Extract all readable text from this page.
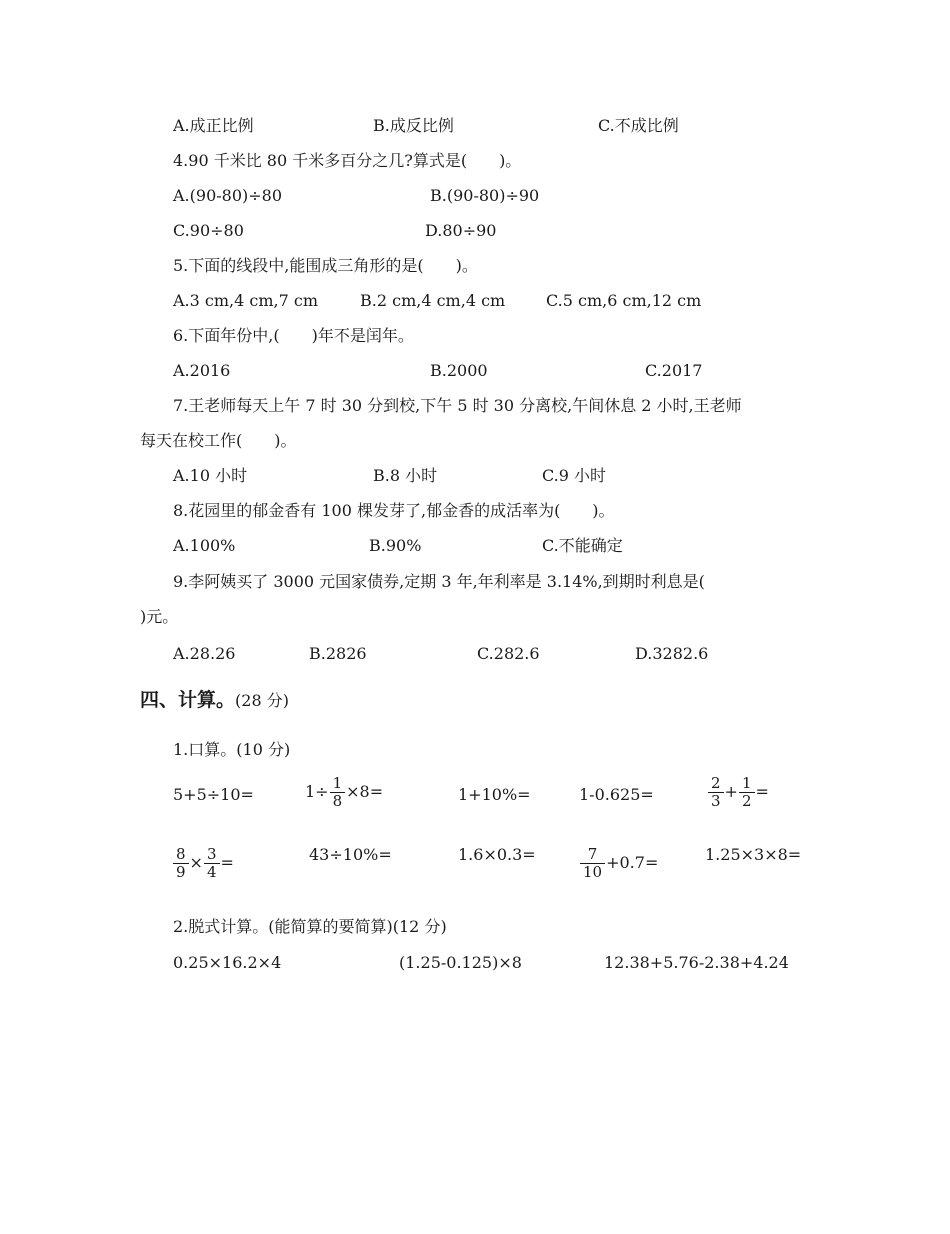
A.成正比例	B.成反比例	C.不成比例
4.90 千米比 80 千米多百分之几?算式是(　　)。
A.(90-80)÷80	B.(90-80)÷90
C.90÷80	D.80÷90
5.下面的线段中,能围成三角形的是(　　)。
A.3 cm,4 cm,7 cm	B.2 cm,4 cm,4 cm	C.5 cm,6 cm,12 cm
6.下面年份中,(　　)年不是闰年。
A.2016	B.2000	C.2017
7.王老师每天上午 7 时 30 分到校,下午 5 时 30 分离校,午间休息 2 小时,王老师
每天在校工作(　　)。
A.10 小时	B.8 小时	C.9 小时
8.花园里的郁金香有 100 棵发芽了,郁金香的成活率为(　　)。
A.100%	B.90%	C.不能确定
9.李阿姨买了 3000 元国家债券,定期 3 年,年利率是 3.14%,到期时利息是(
)元。
A.28.26	B.2826	C.282.6	D.3282.6
四、计算。(28 分)
1.口算。(10 分)
5+5÷10=	$1\div \frac{1}{8} \times 8=$	1+10%=	1-0.625=	$\frac{2}{3} + \frac{1}{2}$ =
$\frac{8}{9} \times \frac{3}{4}$ =	43÷10%=	1.6×0.3=	$\frac{7}{10} +0.7=$	1.25×3×8=
2.脱式计算。(能简算的要简算)(12 分)
0.25×16.2×4	(1.25-0.125)×8	12.38+5.76-2.38+4.24
